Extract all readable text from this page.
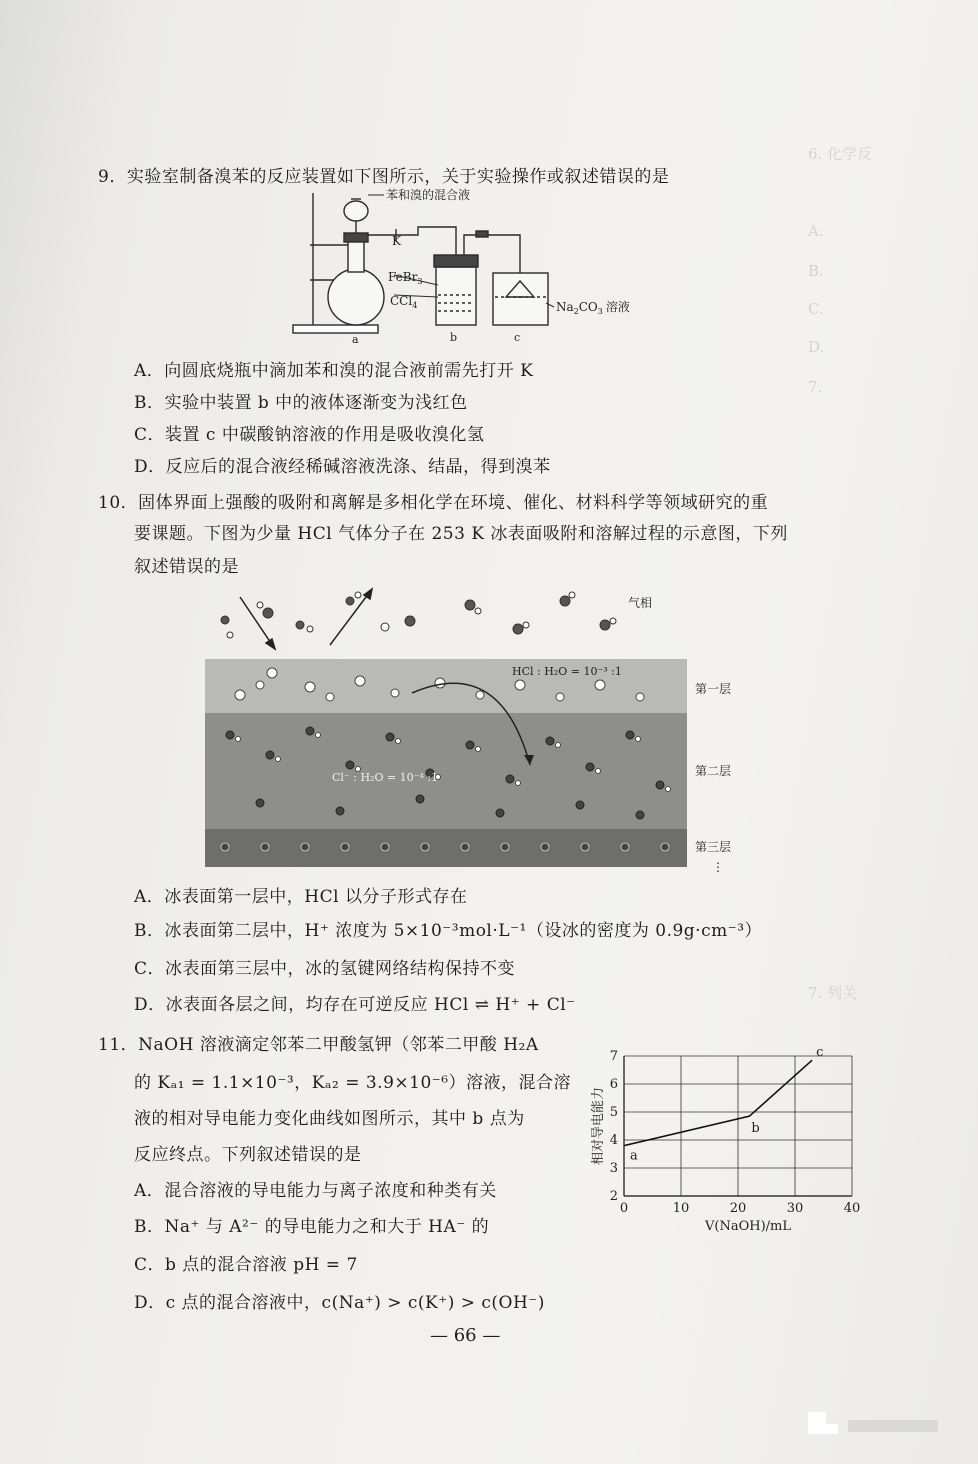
6. 化学反
A.
B.
C.
D.
7.
7. 列关
9．实验室制备溴苯的反应装置如下图所示，关于实验操作或叙述错误的是
苯和溴的混合液
K
FeBr$_3$
CCl$_4$	$Na_2CO_3$ 溶液
a	b	c
A．向圆底烧瓶中滴加苯和溴的混合液前需先打开 K
B．实验中装置 b 中的液体逐渐变为浅红色
C．装置 c 中碳酸钠溶液的作用是吸收溴化氢
D．反应后的混合液经稀碱溶液洗涤、结晶，得到溴苯
10．固体界面上强酸的吸附和离解是多相化学在环境、催化、材料科学等领域研究的重
要课题。下图为少量 HCl 气体分子在 253 K 冰表面吸附和溶解过程的示意图，下列
叙述错误的是
气相
HCl : H₂O = 10⁻³ :1
Cl⁻ : H₂O = 10⁻⁴ :1
第一层
第二层
第三层
⋮
A．冰表面第一层中，HCl 以分子形式存在
B．冰表面第二层中，H⁺ 浓度为 5×10⁻³mol·L⁻¹（设冰的密度为 0.9g·cm⁻³）
C．冰表面第三层中，冰的氢键网络结构保持不变
D．冰表面各层之间，均存在可逆反应 HCl ⇌ H⁺ + Cl⁻
11．NaOH 溶液滴定邻苯二甲酸氢钾（邻苯二甲酸 H₂A
的 Kₐ₁ = 1.1×10⁻³，Kₐ₂ = 3.9×10⁻⁶）溶液，混合溶
液的相对导电能力变化曲线如图所示，其中 b 点为
反应终点。下列叙述错误的是
A．混合溶液的导电能力与离子浓度和种类有关
B．Na⁺ 与 A²⁻ 的导电能力之和大于 HA⁻ 的
C．b 点的混合溶液 pH = 7
D．c 点的混合溶液中，c(Na⁺) > c(K⁺) > c(OH⁻)
0	10	20	30	40
2
3
4
5
6
7
a
b
c
V(NaOH)/mL
相对导电能力
— 66 —
